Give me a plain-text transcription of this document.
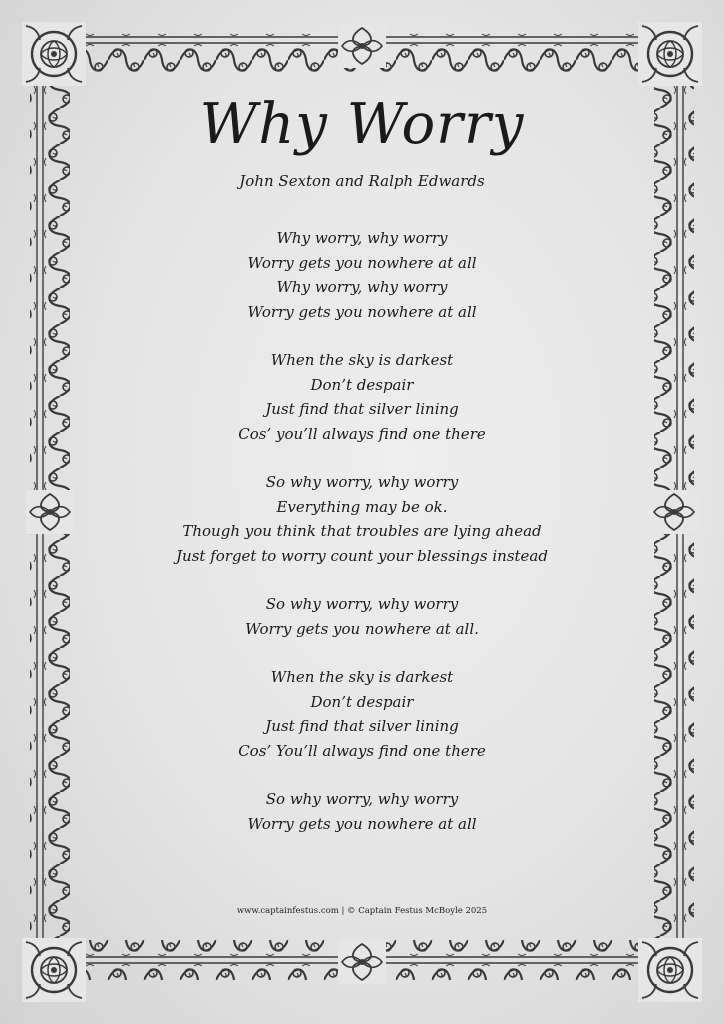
Why Worry
John Sexton and Ralph Edwards
Why worry, why worry
Worry gets you nowhere at all
Why worry, why worry
Worry gets you nowhere at all
When the sky is darkest
Don’t despair
Just find that silver lining
Cos’ you’ll always find one there
So why worry, why worry
Everything may be ok.
Though you think that troubles are lying ahead
Just forget to worry count your blessings instead
So why worry, why worry
Worry gets you nowhere at all.
When the sky is darkest
Don’t despair
Just find that silver lining
Cos’ You’ll always find one there
So why worry, why worry
Worry gets you nowhere at all
www.captainfestus.com | © Captain Festus McBoyle 2025
